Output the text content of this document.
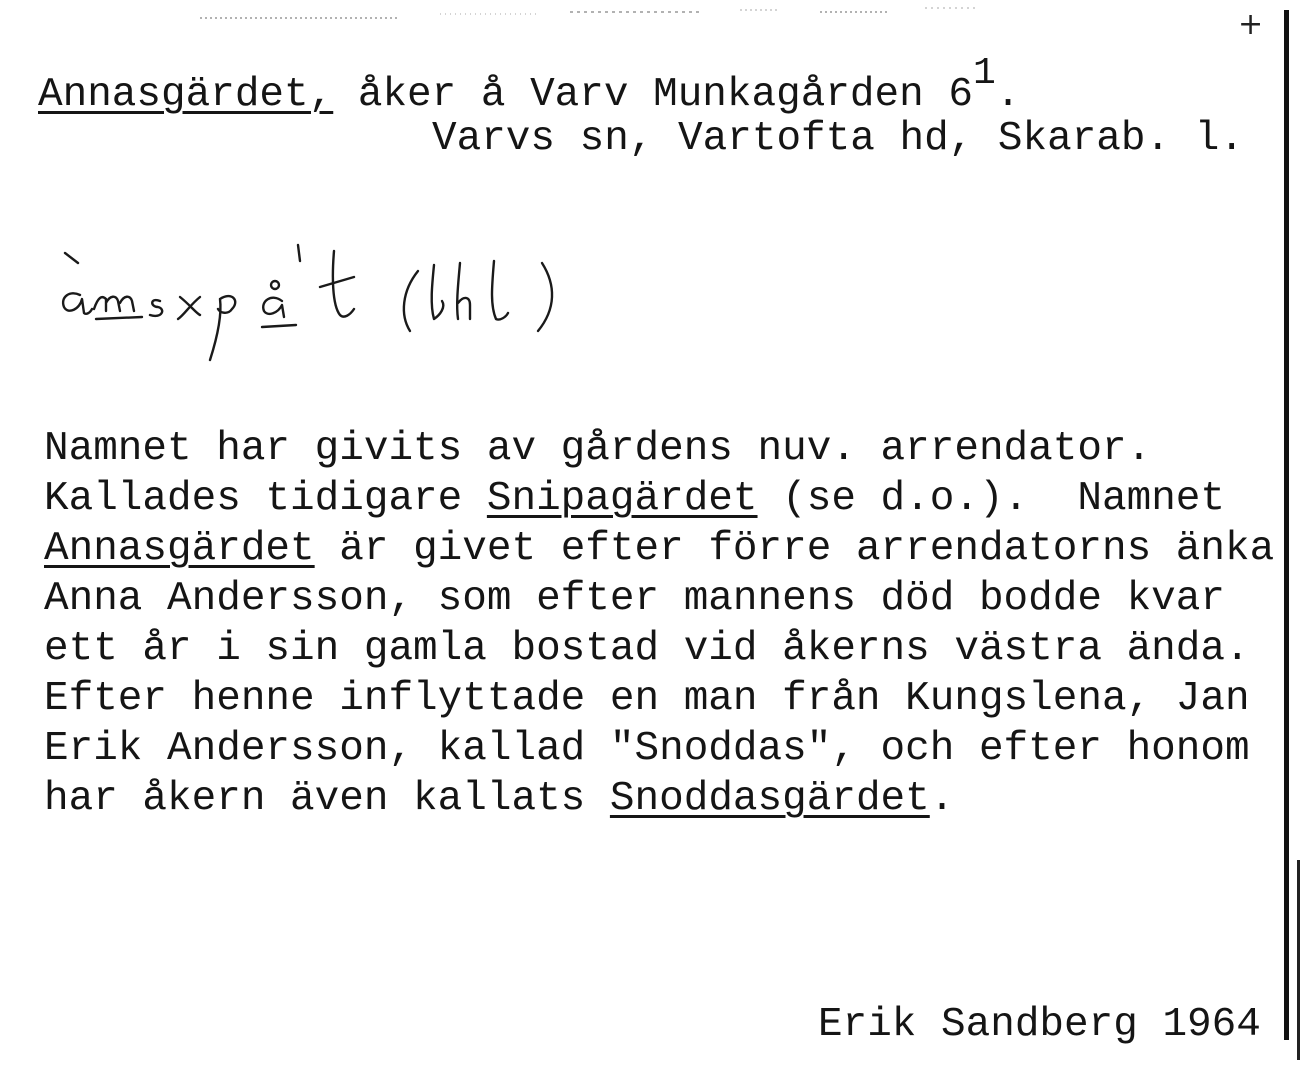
+
Annasgärdet, åker å Varv Munkagården 61.
Varvs sn, Vartofta hd, Skarab. l.
Namnet har givits av gårdens nuv. arrendator.
Kallades tidigare Snipagärdet (se d.o.).  Namnet
Annasgärdet är givet efter förre arrendatorns änka
Anna Andersson, som efter mannens död bodde kvar
ett år i sin gamla bostad vid åkerns västra ända.
Efter henne inflyttade en man från Kungslena, Jan
Erik Andersson, kallad "Snoddas", och efter honom
har åkern även kallats Snoddasgärdet.
Erik Sandberg 1964
